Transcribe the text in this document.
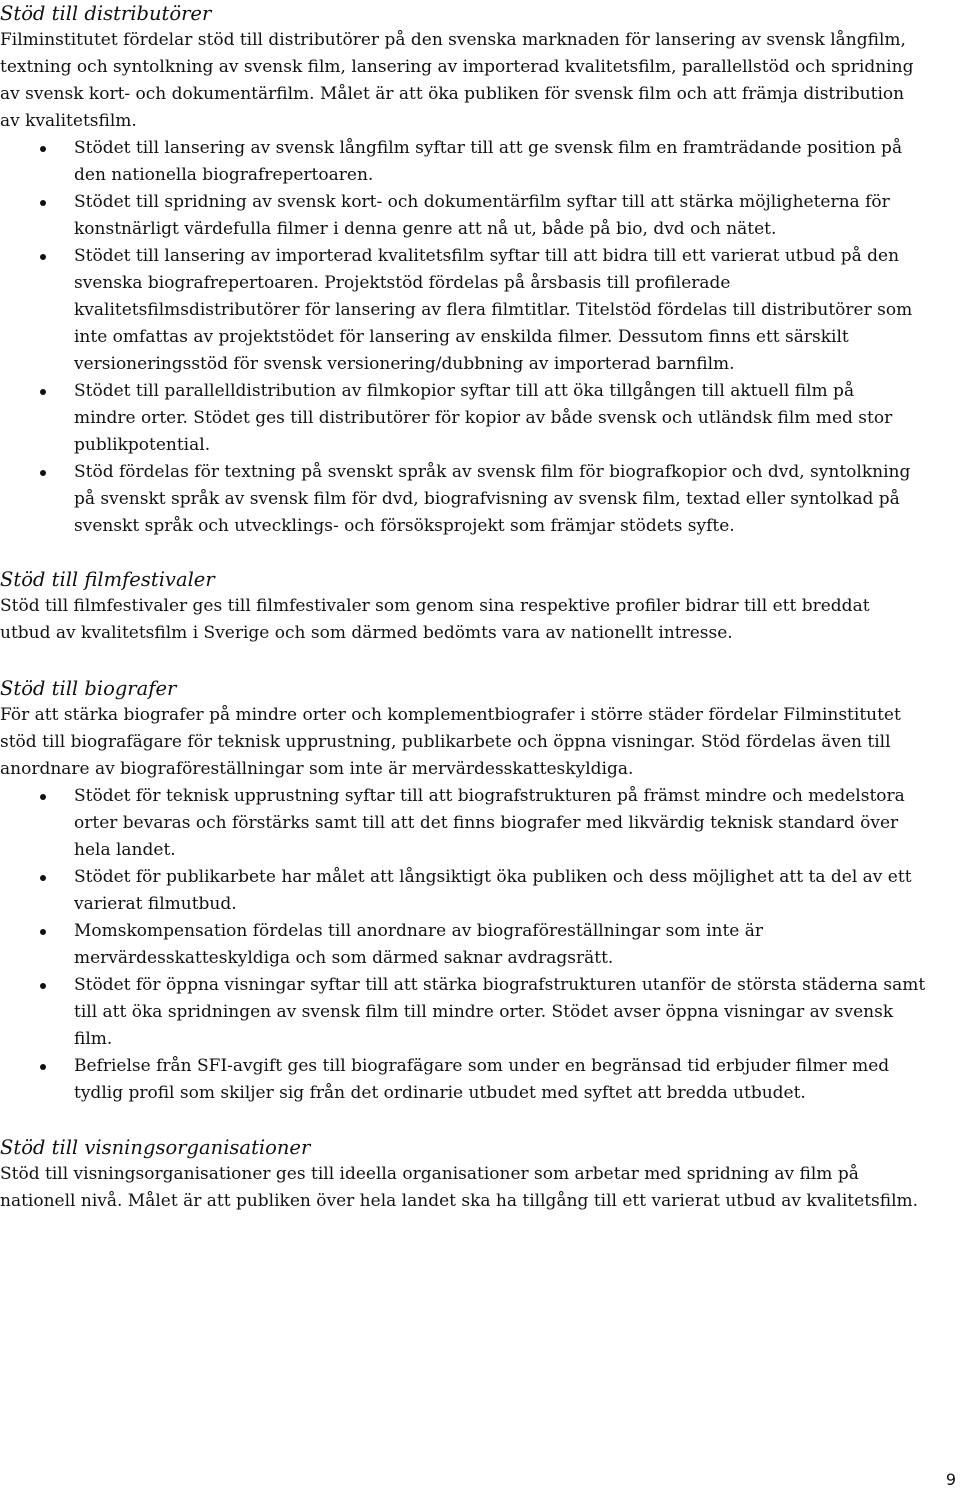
Stöd till distributörer

Filminstitutet fördelar stöd till distributörer på den svenska marknaden för lansering av svensk långfilm,
textning och syntolkning av svensk film, lansering av importerad kvalitetsfilm, parallellstöd och spridning
av svensk kort- och dokumentärfilm. Målet är att öka publiken för svensk film och att främja distribution
av kvalitetsfilm.

Stödet till lansering av svensk långfilm syftar till att ge svensk film en framträdande position på
den nationella biografrepertoaren.
Stödet till spridning av svensk kort- och dokumentärfilm syftar till att stärka möjligheterna för
konstnärligt värdefulla filmer i denna genre att nå ut, både på bio, dvd och nätet.
Stödet till lansering av importerad kvalitetsfilm syftar till att bidra till ett varierat utbud på den
svenska biografrepertoaren. Projektstöd fördelas på årsbasis till profilerade
kvalitetsfilmsdistributörer för lansering av flera filmtitlar. Titelstöd fördelas till distributörer som
inte omfattas av projektstödet för lansering av enskilda filmer. Dessutom finns ett särskilt
versioneringsstöd för svensk versionering/dubbning av importerad barnfilm.
Stödet till parallelldistribution av filmkopior syftar till att öka tillgången till aktuell film på
mindre orter. Stödet ges till distributörer för kopior av både svensk och utländsk film med stor
publikpotential.
Stöd fördelas för textning på svenskt språk av svensk film för biografkopior och dvd, syntolkning
på svenskt språk av svensk film för dvd, biografvisning av svensk film, textad eller syntolkad på
svenskt språk och utvecklings- och försöksprojekt som främjar stödets syfte.
Stöd till filmfestivaler

Stöd till filmfestivaler ges till filmfestivaler som genom sina respektive profiler bidrar till ett breddat
utbud av kvalitetsfilm i Sverige och som därmed bedömts vara av nationellt intresse.

Stöd till biografer

För att stärka biografer på mindre orter och komplementbiografer i större städer fördelar Filminstitutet
stöd till biografägare för teknisk upprustning, publikarbete och öppna visningar. Stöd fördelas även till
anordnare av biograföreställningar som inte är mervärdesskatteskyldiga.

Stödet för teknisk upprustning syftar till att biografstrukturen på främst mindre och medelstora
orter bevaras och förstärks samt till att det finns biografer med likvärdig teknisk standard över
hela landet.
Stödet för publikarbete har målet att långsiktigt öka publiken och dess möjlighet att ta del av ett
varierat filmutbud.
Momskompensation fördelas till anordnare av biograföreställningar som inte är
mervärdesskatteskyldiga och som därmed saknar avdragsrätt.
Stödet för öppna visningar syftar till att stärka biografstrukturen utanför de största städerna samt
till att öka spridningen av svensk film till mindre orter. Stödet avser öppna visningar av svensk
film.
Befrielse från SFI-avgift ges till biografägare som under en begränsad tid erbjuder filmer med
tydlig profil som skiljer sig från det ordinarie utbudet med syftet att bredda utbudet.
Stöd till visningsorganisationer

Stöd till visningsorganisationer ges till ideella organisationer som arbetar med spridning av film på
nationell nivå. Målet är att publiken över hela landet ska ha tillgång till ett varierat utbud av kvalitetsfilm.

9
